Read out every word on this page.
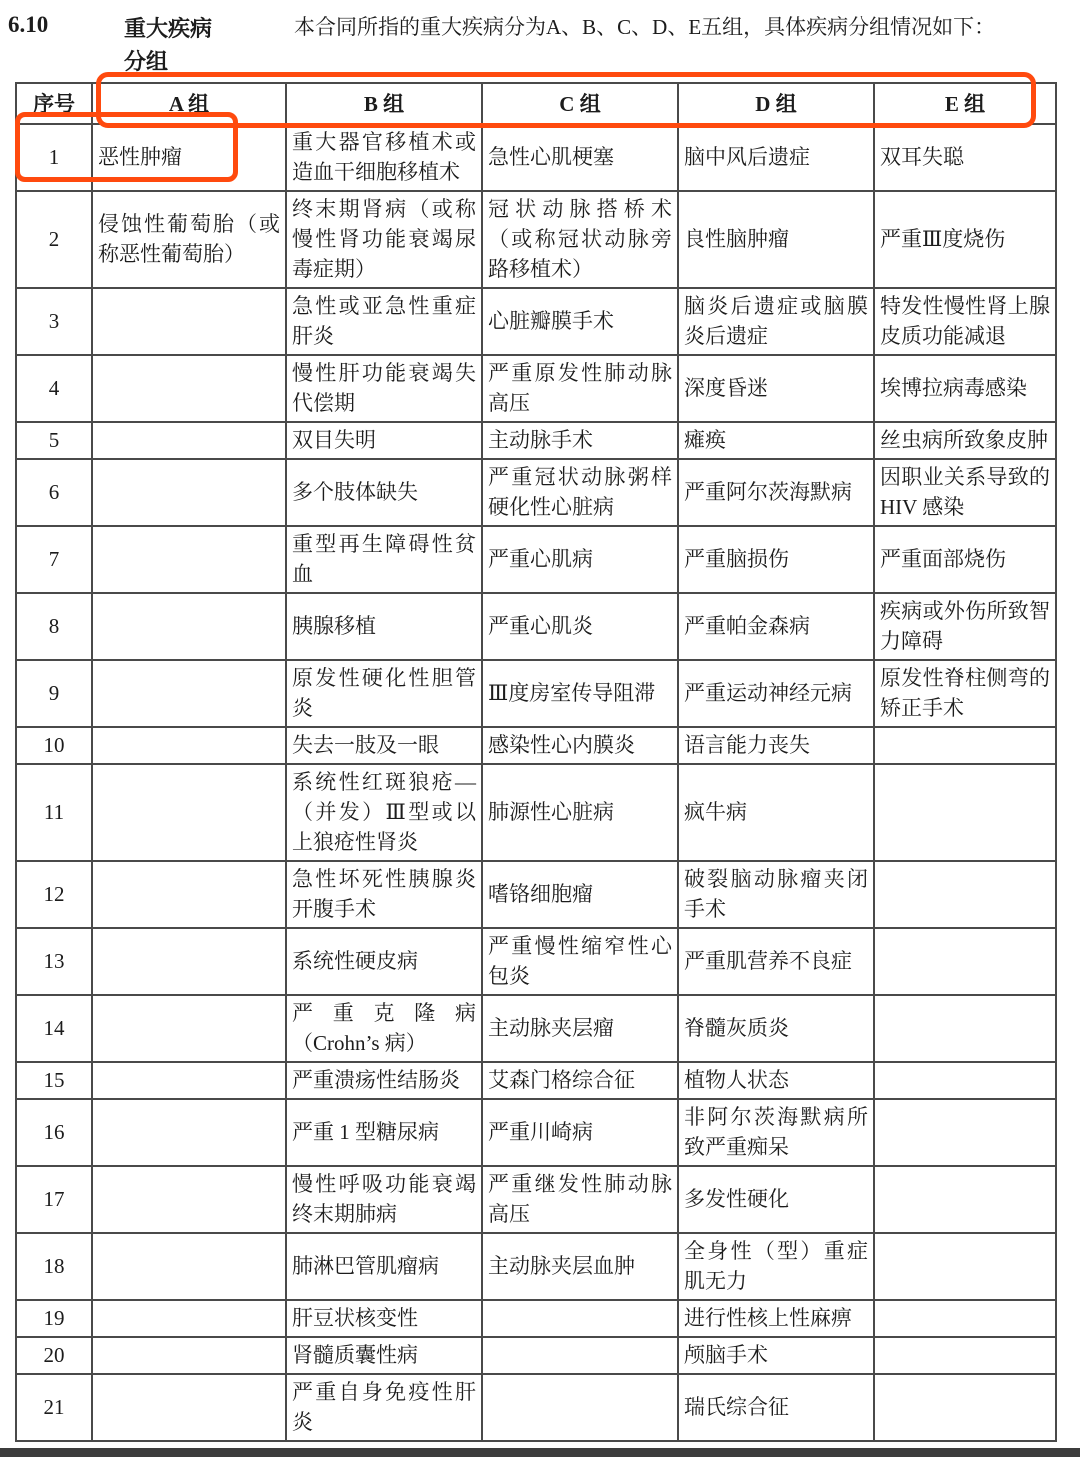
6.10	重大疾病分组
本合同所指的重大疾病分为A、B、C、D、E五组，具体疾病分组情况如下：
序号	A 组	B 组	C 组	D 组	E 组
1	恶性肿瘤	重大器官移植术或造血干细胞移植术	急性心肌梗塞	脑中风后遗症	双耳失聪
2	侵蚀性葡萄胎（或称恶性葡萄胎）	终末期肾病（或称慢性肾功能衰竭尿毒症期）	冠状动脉搭桥术（或称冠状动脉旁路移植术）	良性脑肿瘤	严重Ⅲ度烧伤
3		急性或亚急性重症肝炎	心脏瓣膜手术	脑炎后遗症或脑膜炎后遗症	特发性慢性肾上腺皮质功能减退
4		慢性肝功能衰竭失代偿期	严重原发性肺动脉高压	深度昏迷	埃博拉病毒感染
5		双目失明	主动脉手术	瘫痪	丝虫病所致象皮肿
6		多个肢体缺失	严重冠状动脉粥样硬化性心脏病	严重阿尔茨海默病	因职业关系导致的 HIV 感染
7		重型再生障碍性贫血	严重心肌病	严重脑损伤	严重面部烧伤
8		胰腺移植	严重心肌炎	严重帕金森病	疾病或外伤所致智力障碍
9		原发性硬化性胆管炎	Ⅲ度房室传导阻滞	严重运动神经元病	原发性脊柱侧弯的矫正手术
10		失去一肢及一眼	感染性心内膜炎	语言能力丧失	
11		系统性红斑狼疮—（并发）Ⅲ型或以上狼疮性肾炎	肺源性心脏病	疯牛病	
12		急性坏死性胰腺炎开腹手术	嗜铬细胞瘤	破裂脑动脉瘤夹闭手术	
13		系统性硬皮病	严重慢性缩窄性心包炎	严重肌营养不良症	
14		严重克隆病（Crohn’s 病）	主动脉夹层瘤	脊髓灰质炎	
15		严重溃疡性结肠炎	艾森门格综合征	植物人状态	
16		严重 1 型糖尿病	严重川崎病	非阿尔茨海默病所致严重痴呆	
17		慢性呼吸功能衰竭终末期肺病	严重继发性肺动脉高压	多发性硬化	
18		肺淋巴管肌瘤病	主动脉夹层血肿	全身性（型）重症肌无力	
19		肝豆状核变性		进行性核上性麻痹	
20		肾髓质囊性病		颅脑手术	
21		严重自身免疫性肝炎		瑞氏综合征	
